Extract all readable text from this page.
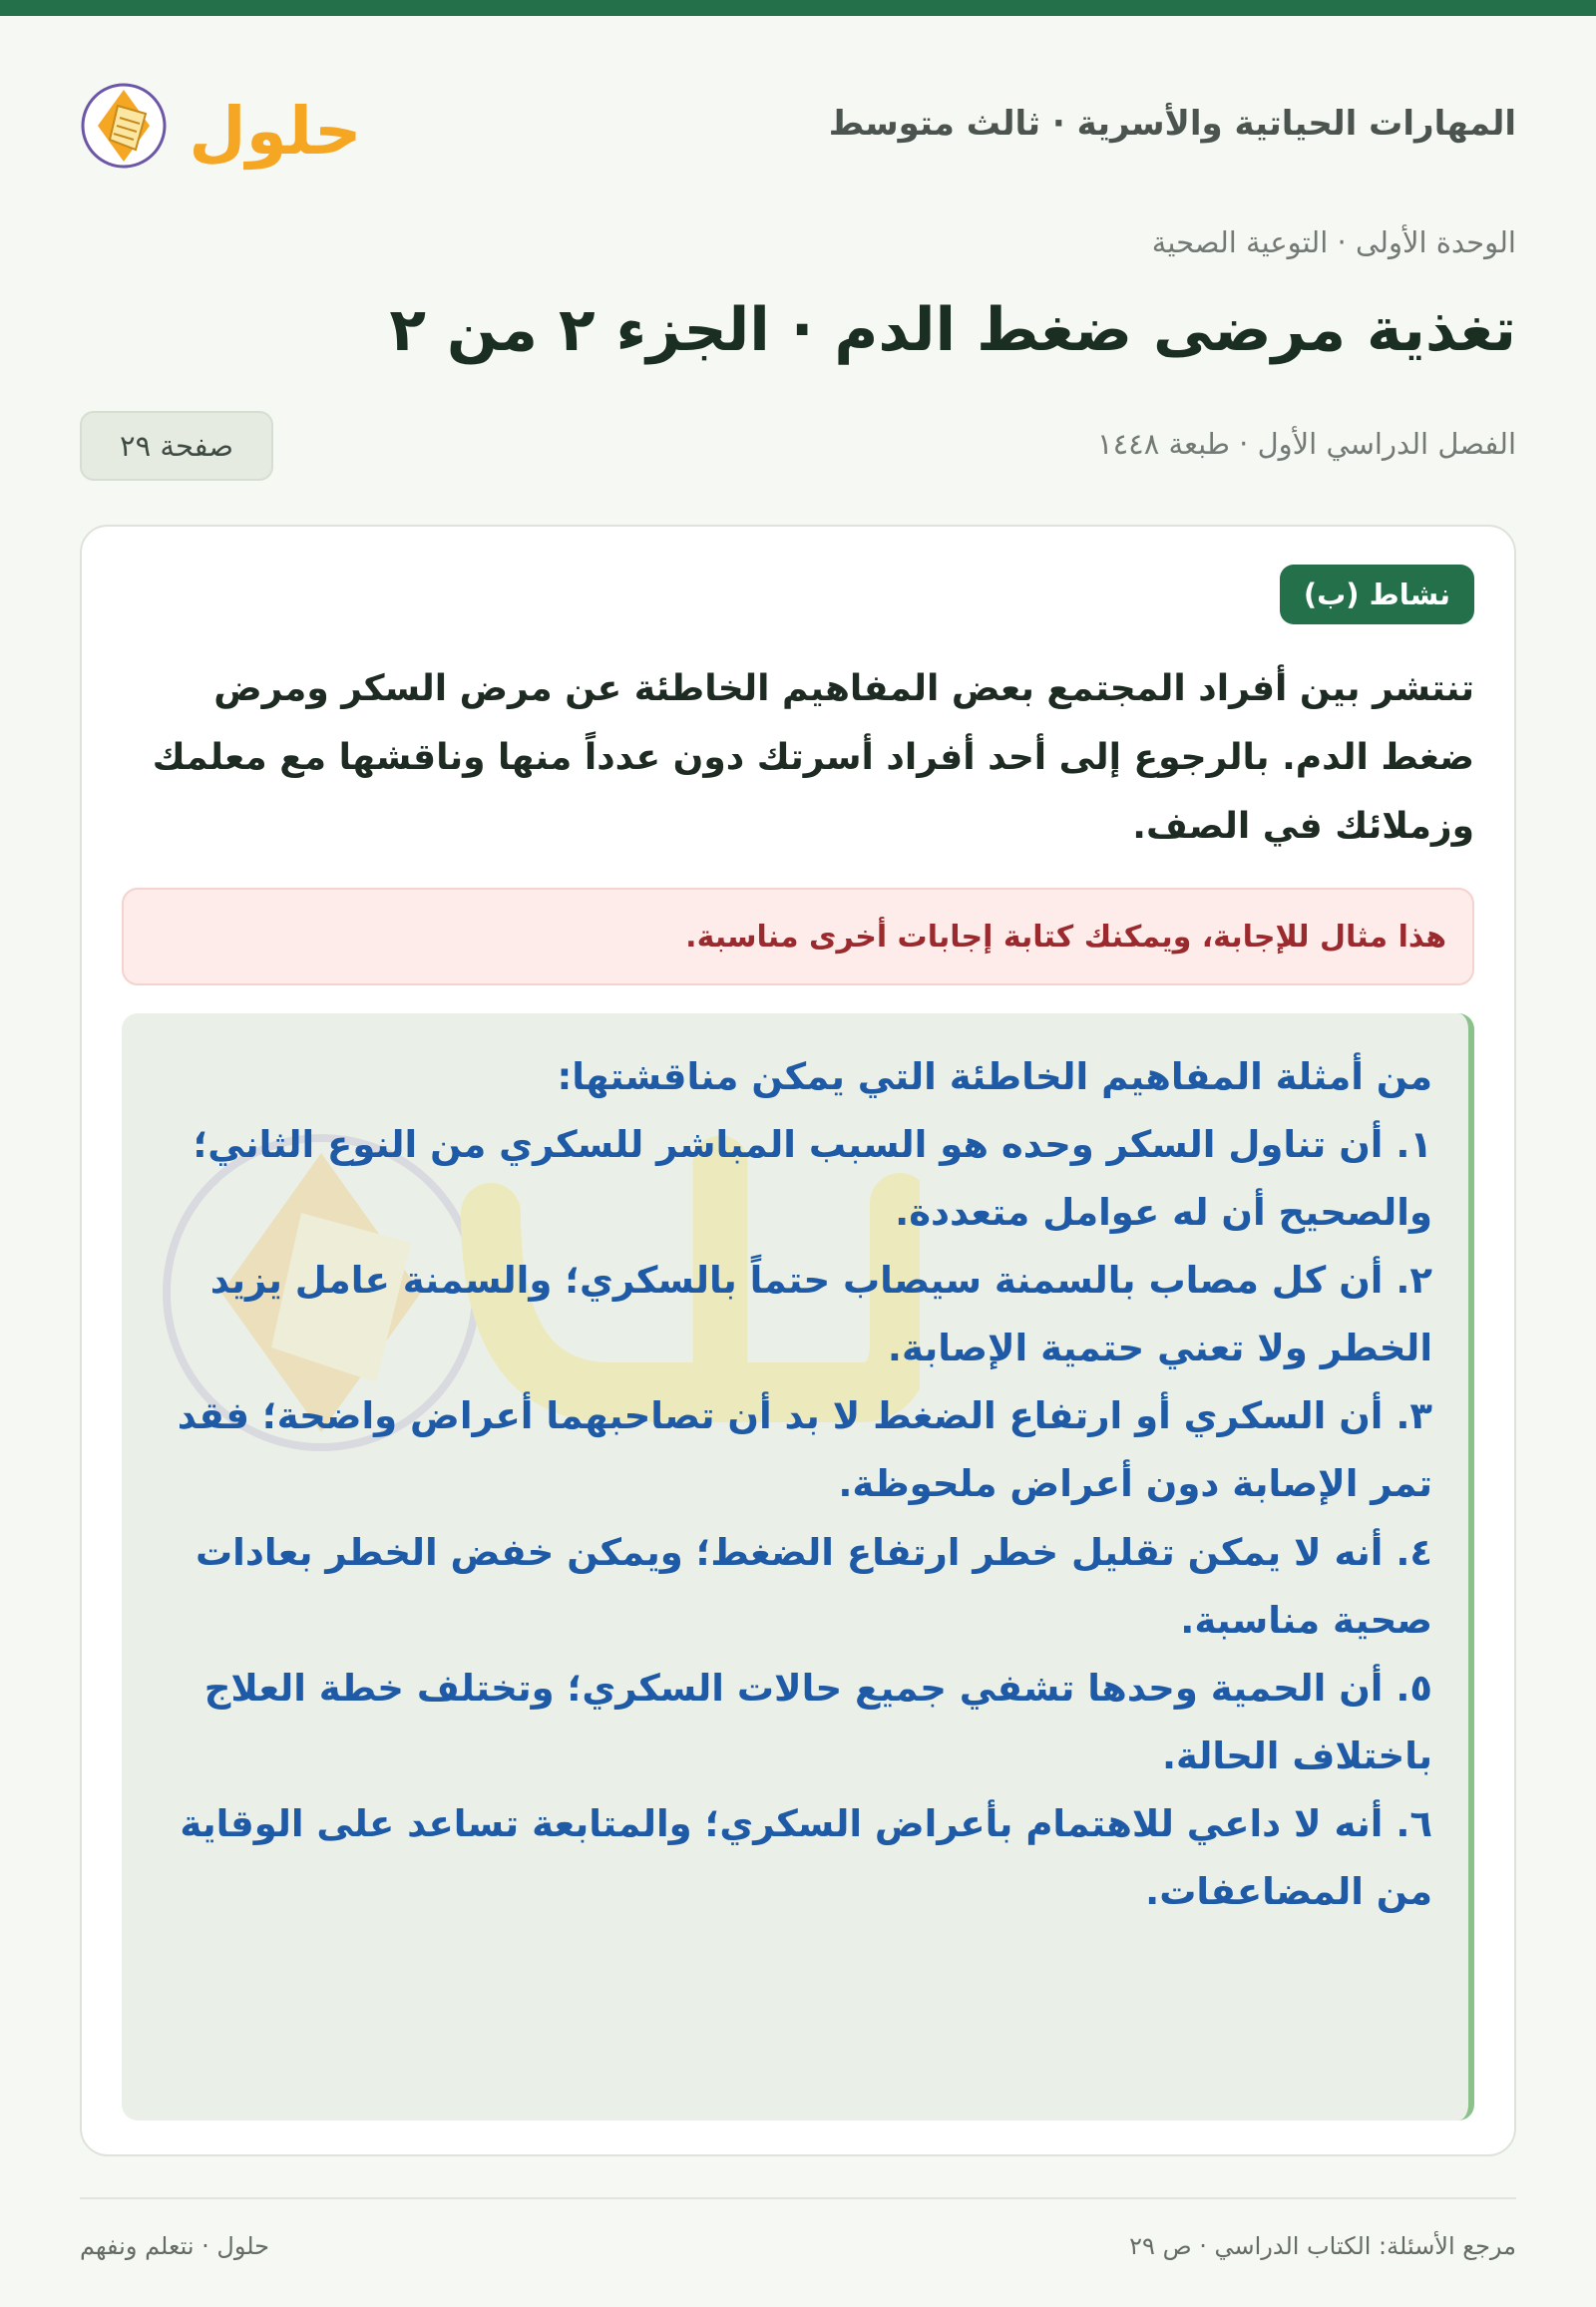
المهارات الحياتية والأسرية · ثالث متوسط
حلول
الوحدة الأولى · التوعية الصحية
تغذية مرضى ضغط الدم · الجزء ٢ من ٢
الفصل الدراسي الأول · طبعة ١٤٤٨
صفحة ٢٩
نشاط (ب)
تنتشر بين أفراد المجتمع بعض المفاهيم الخاطئة عن مرض السكر ومرض ضغط الدم. بالرجوع إلى أحد أفراد أسرتك دون عدداً منها وناقشها مع معلمك وزملائك في الصف.
هذا مثال للإجابة، ويمكنك كتابة إجابات أخرى مناسبة.

من أمثلة المفاهيم الخاطئة التي يمكن مناقشتها:

١. أن تناول السكر وحده هو السبب المباشر للسكري من النوع الثاني؛ والصحيح أن له عوامل متعددة.

٢. أن كل مصاب بالسمنة سيصاب حتماً بالسكري؛ والسمنة عامل يزيد الخطر ولا تعني حتمية الإصابة.

٣. أن السكري أو ارتفاع الضغط لا بد أن تصاحبهما أعراض واضحة؛ فقد تمر الإصابة دون أعراض ملحوظة.

٤. أنه لا يمكن تقليل خطر ارتفاع الضغط؛ ويمكن خفض الخطر بعادات صحية مناسبة.

٥. أن الحمية وحدها تشفي جميع حالات السكري؛ وتختلف خطة العلاج باختلاف الحالة.

٦. أنه لا داعي للاهتمام بأعراض السكري؛ والمتابعة تساعد على الوقاية من المضاعفات.

مرجع الأسئلة: الكتاب الدراسي · ص ٢٩
حلول · نتعلم ونفهم
